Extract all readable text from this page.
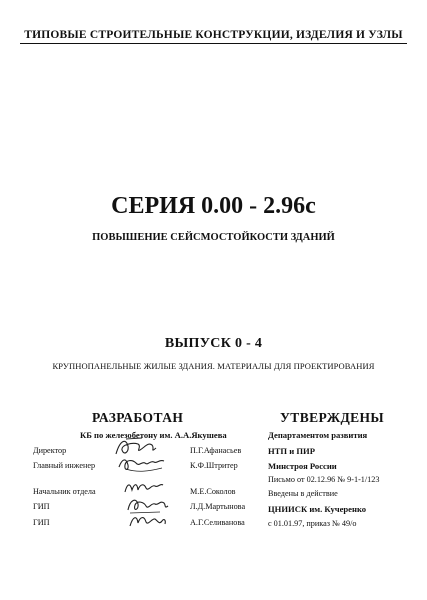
ТИПОВЫЕ СТРОИТЕЛЬНЫЕ КОНСТРУКЦИИ, ИЗДЕЛИЯ И УЗЛЫ
СЕРИЯ 0.00 - 2.96с
ПОВЫШЕНИЕ СЕЙСМОСТОЙКОСТИ ЗДАНИЙ
ВЫПУСК 0 - 4
КРУПНОПАНЕЛЬНЫЕ ЖИЛЫЕ ЗДАНИЯ. МАТЕРИАЛЫ ДЛЯ ПРОЕКТИРОВАНИЯ
РАЗРАБОТАН
КБ по железобетону им. А.А.Якушева
Директор	П.Г.Афанасьев
Главный инженер	К.Ф.Штритер
Начальник отдела	М.Е.Соколов
ГИП	Л.Д.Мартынова
ГИП	А.Г.Селиванова
УТВЕРЖДЕНЫ
Департаментом развития
НТП и ПИР
Минстроя России
Письмо от 02.12.96 № 9-1-1/123
Введены в действие
ЦНИИСК им. Кучеренко
с 01.01.97, приказ № 49/о
